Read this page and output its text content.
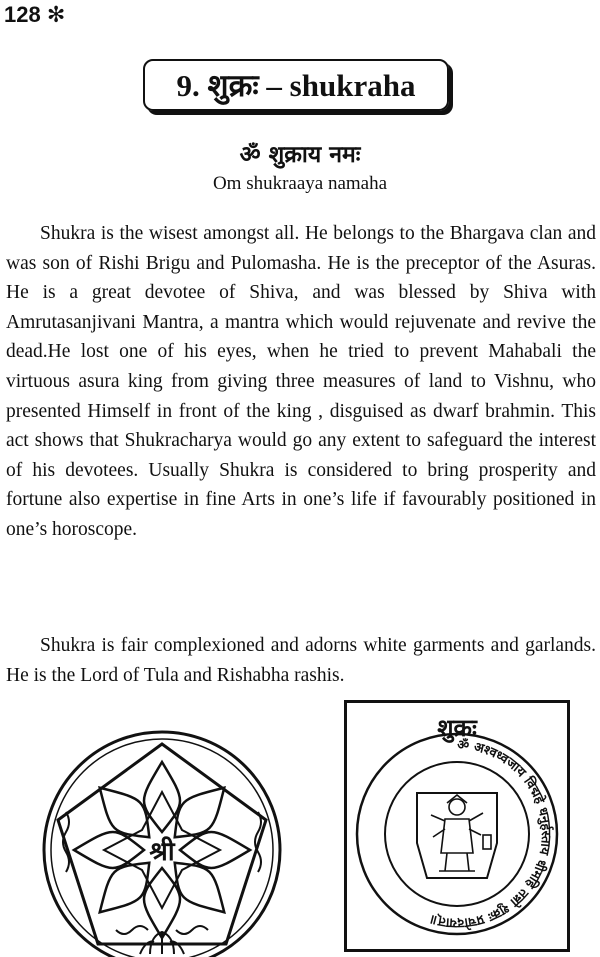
128 ✻
9. शुक्रः – shukraha
ॐ शुक्राय नमः
Om shukraaya namaha

Shukra is the wisest amongst all. He belongs to the Bhargava clan and was son of Rishi Brigu and Pulomasha. He is the preceptor of the Asuras. He is a great devotee of Shiva, and was blessed by Shiva with Amrutasanjivani Mantra, a mantra which would rejuvenate and revive the dead.He lost one of his eyes, when he tried to prevent Mahabali the virtuous asura king from giving three measures of land to Vishnu, who presented Himself in front of the king , disguised as dwarf brahmin. This act shows that Shukracharya would go any extent to safeguard the interest of his devotees. Usually Shukra is considered to bring prosperity and fortune also expertise in fine Arts in one’s life if favourably positioned in one’s horoscope.

Shukra is fair complexioned and adorns white garments and garlands. He is the Lord of Tula and Rishabha rashis.

श्री
शुक्रः
ॐ अश्वध्वजाय विद्महे धनुर्हस्ताय धीमहि तन्नो शुक्रः प्रचोदयात्॥
